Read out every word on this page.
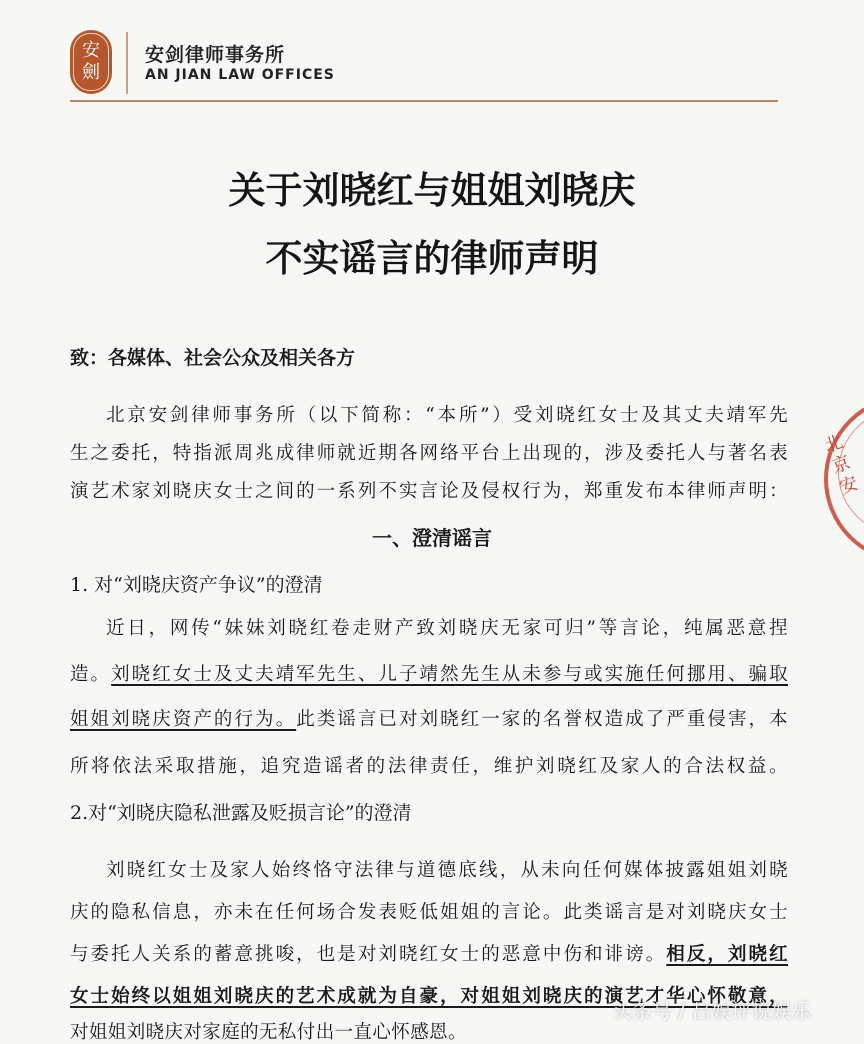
安
劍
安剑律师事务所
AN JIAN LAW OFFICES
关于刘晓红与姐姐刘晓庆
不实谣言的律师声明
致：各媒体、社会公众及相关各方
北京安剑律师事务所（以下简称：“本所”）受刘晓红女士及其丈夫靖军先
生之委托，特指派周兆成律师就近期各网络平台上出现的，涉及委托人与著名表
演艺术家刘晓庆女士之间的一系列不实言论及侵权行为，郑重发布本律师声明：
一、澄清谣言
1. 对“刘晓庆资产争议”的澄清
近日，网传“妹妹刘晓红卷走财产致刘晓庆无家可归”等言论，纯属恶意捏
造。刘晓红女士及丈夫靖军先生、儿子靖然先生从未参与或实施任何挪用、骗取
姐姐刘晓庆资产的行为。此类谣言已对刘晓红一家的名誉权造成了严重侵害，本
所将依法采取措施，追究造谣者的法律责任，维护刘晓红及家人的合法权益。
2.对“刘晓庆隐私泄露及贬损言论”的澄清
刘晓红女士及家人始终恪守法律与道德底线，从未向任何媒体披露姐姐刘晓
庆的隐私信息，亦未在任何场合发表贬低姐姐的言论。此类谣言是对刘晓庆女士
与委托人关系的蓄意挑唆，也是对刘晓红女士的恶意中伤和诽谤。相反，刘晓红
女士始终以姐姐刘晓庆的艺术成就为自豪，对姐姐刘晓庆的演艺才华心怀敬意，
对姐姐刘晓庆对家庭的无私付出一直心怀感恩。
北京安
头条号 / 吕娱评说娱乐
